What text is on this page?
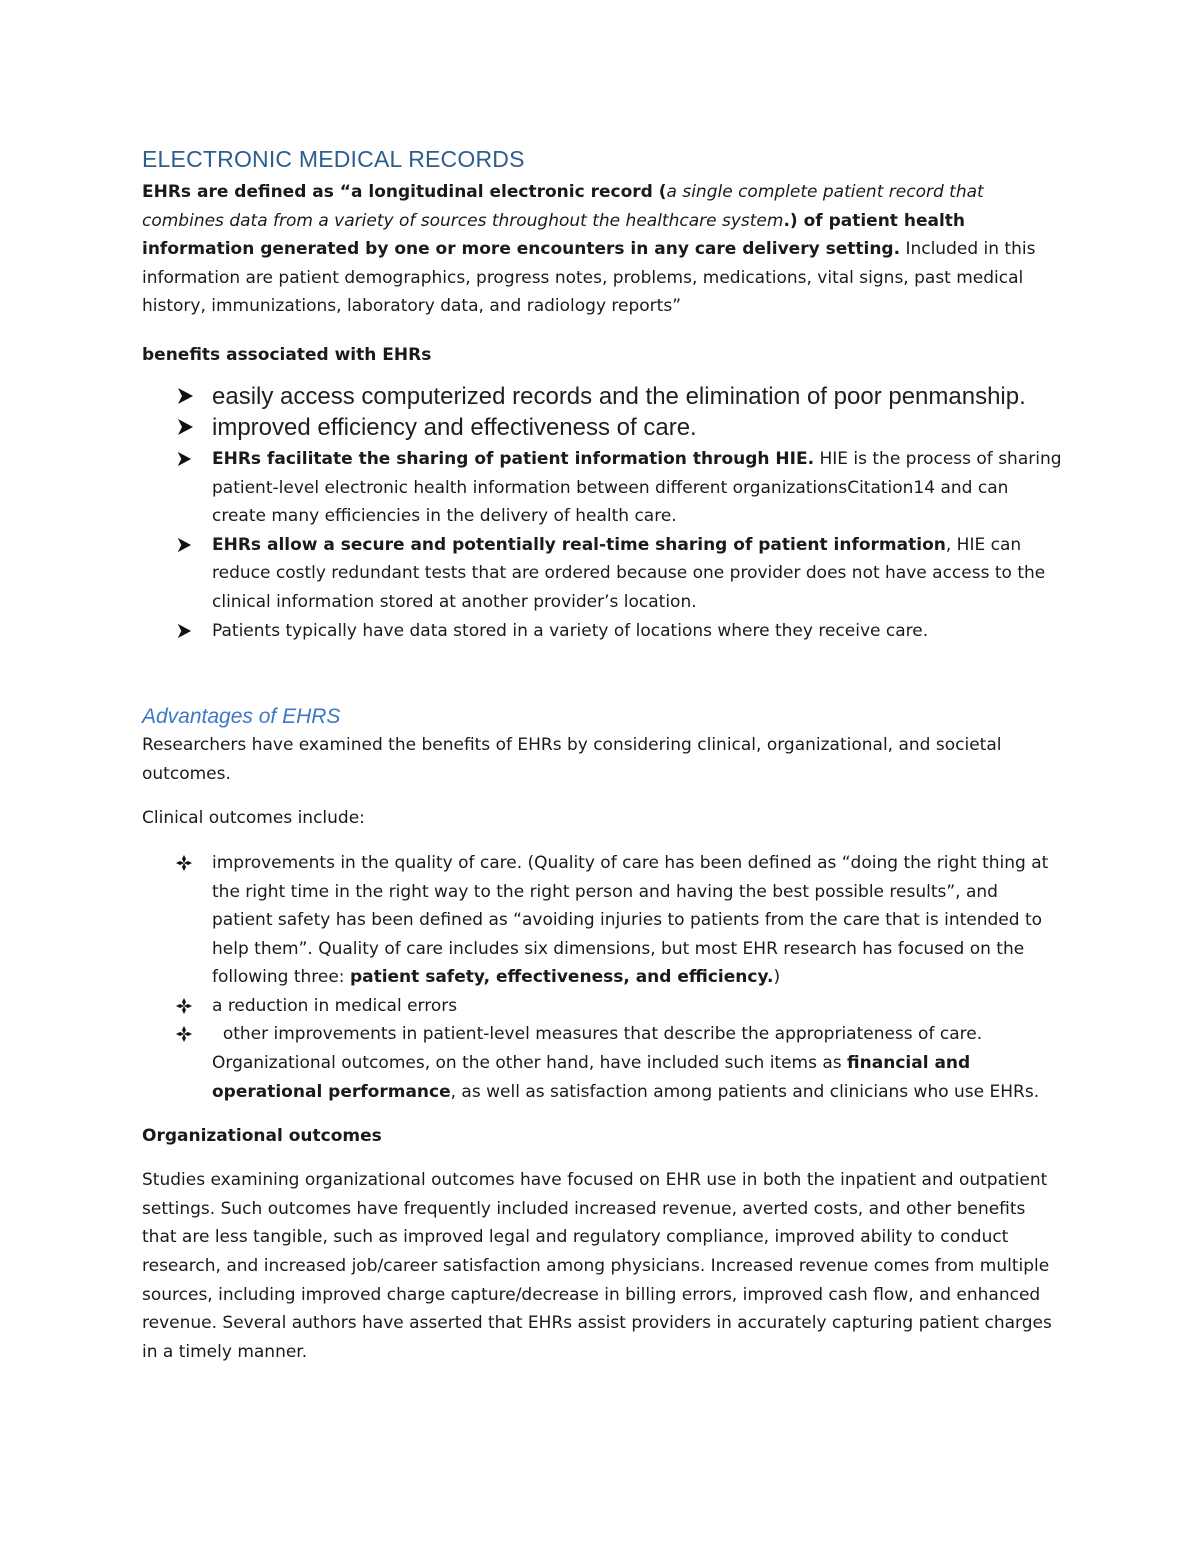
ELECTRONIC MEDICAL RECORDS

EHRs are defined as “a longitudinal electronic record (a single complete patient record that combines data from a variety of sources throughout the healthcare system.) of patient health information generated by one or more encounters in any care delivery setting. Included in this information are patient demographics, progress notes, problems, medications, vital signs, past medical history, immunizations, laboratory data, and radiology reports”

benefits associated with EHRs

easily access computerized records and the elimination of poor penmanship.
improved efficiency and effectiveness of care.
EHRs facilitate the sharing of patient information through HIE. HIE is the process of sharing patient-level electronic health information between different organizationsCitation14 and can create many efficiencies in the delivery of health care.
EHRs allow a secure and potentially real-time sharing of patient information, HIE can reduce costly redundant tests that are ordered because one provider does not have access to the clinical information stored at another provider’s location.
Patients typically have data stored in a variety of locations where they receive care.
Advantages of EHRS

Researchers have examined the benefits of EHRs by considering clinical, organizational, and societal outcomes.

Clinical outcomes include:

improvements in the quality of care. (Quality of care has been defined as “doing the right thing at the right time in the right way to the right person and having the best possible results”, and patient safety has been defined as “avoiding injuries to patients from the care that is intended to help them”. Quality of care includes six dimensions, but most EHR research has focused on the following three: patient safety, effectiveness, and efficiency.)
a reduction in medical errors
other improvements in patient-level measures that describe the appropriateness of care. Organizational outcomes, on the other hand, have included such items as financial and operational performance, as well as satisfaction among patients and clinicians who use EHRs.

Organizational outcomes

Studies examining organizational outcomes have focused on EHR use in both the inpatient and outpatient settings. Such outcomes have frequently included increased revenue, averted costs, and other benefits that are less tangible, such as improved legal and regulatory compliance, improved ability to conduct research, and increased job/career satisfaction among physicians. Increased revenue comes from multiple sources, including improved charge capture/decrease in billing errors, improved cash flow, and enhanced revenue. Several authors have asserted that EHRs assist providers in accurately capturing patient charges in a timely manner.
